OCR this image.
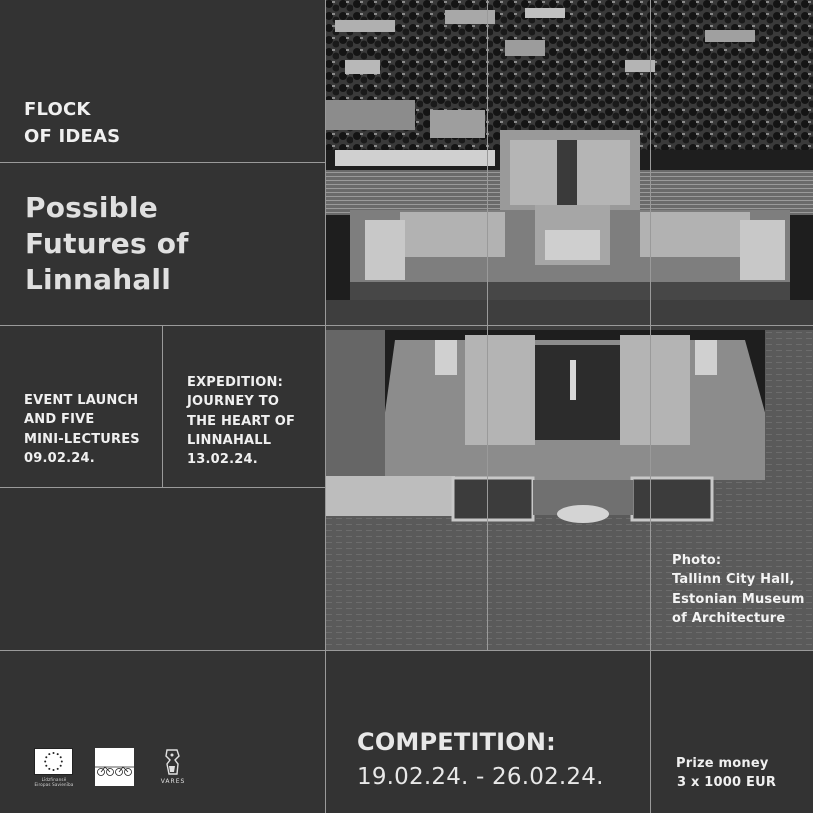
FLOCK
OF IDEAS
Possible
Futures of
Linnahall
EVENT LAUNCH
AND FIVE
MINI-LECTURES
09.02.24.
EXPEDITION:
JOURNEY TO
THE HEART OF
LINNAHALL
13.02.24.
Photo:
Tallinn City Hall,
Estonian Museum
of Architecture
COMPETITION:
19.02.24. - 26.02.24.
Prize money
3 x 1000 EUR
Līdzfinansē
Eiropas Savienība	VARES
